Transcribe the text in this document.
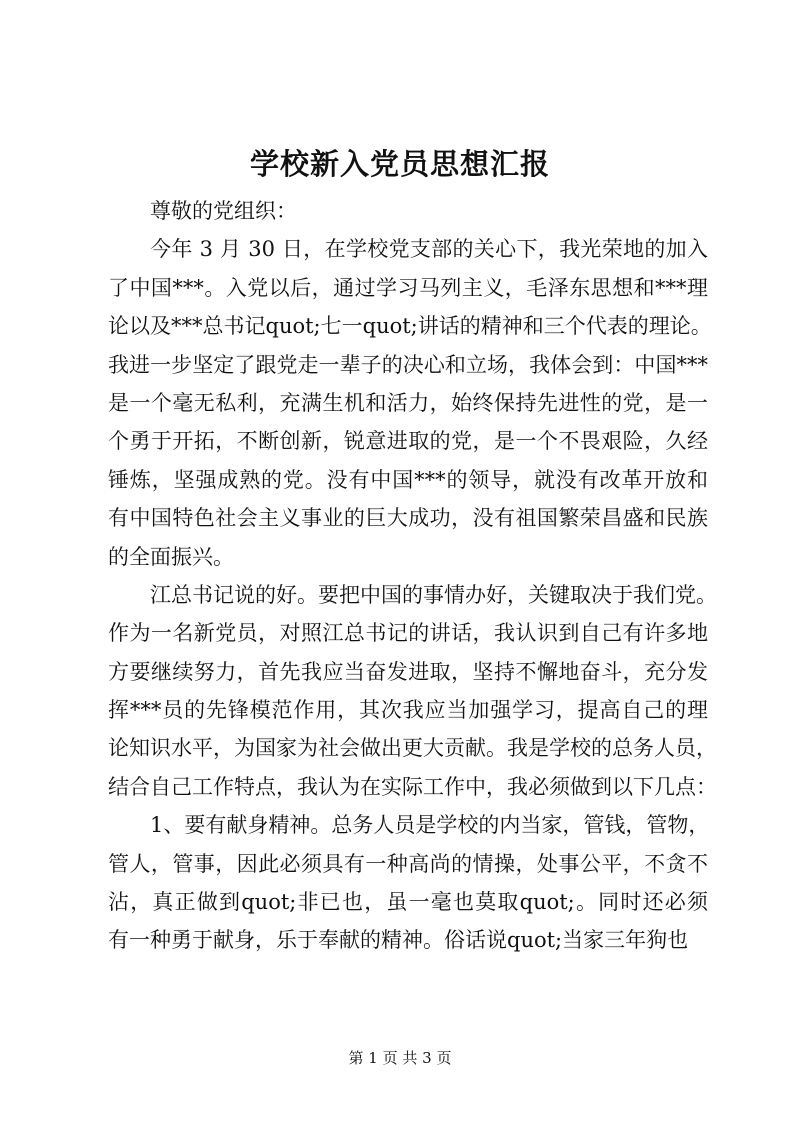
学校新入党员思想汇报
尊敬的党组织：
今年 3 月 30 日，在学校党支部的关心下，我光荣地的加入
了中国***。入党以后，通过学习马列主义，毛泽东思想和***理
论以及***总书记quot;七一quot;讲话的精神和三个代表的理论。
我进一步坚定了跟党走一辈子的决心和立场，我体会到：中国***
是一个毫无私利，充满生机和活力，始终保持先进性的党，是一
个勇于开拓，不断创新，锐意进取的党，是一个不畏艰险，久经
锤炼，坚强成熟的党。没有中国***的领导，就没有改革开放和
有中国特色社会主义事业的巨大成功，没有祖国繁荣昌盛和民族
的全面振兴。
江总书记说的好。要把中国的事情办好，关键取决于我们党。
作为一名新党员，对照江总书记的讲话，我认识到自己有许多地
方要继续努力，首先我应当奋发进取，坚持不懈地奋斗，充分发
挥***员的先锋模范作用，其次我应当加强学习，提高自己的理
论知识水平，为国家为社会做出更大贡献。我是学校的总务人员，
结合自己工作特点，我认为在实际工作中，我必须做到以下几点：
1、要有献身精神。总务人员是学校的内当家，管钱，管物，
管人，管事，因此必须具有一种高尚的情操，处事公平，不贪不
沾，真正做到quot;非已也，虽一毫也莫取quot;。同时还必须
有一种勇于献身，乐于奉献的精神。俗话说quot;当家三年狗也
第 1 页 共 3 页
